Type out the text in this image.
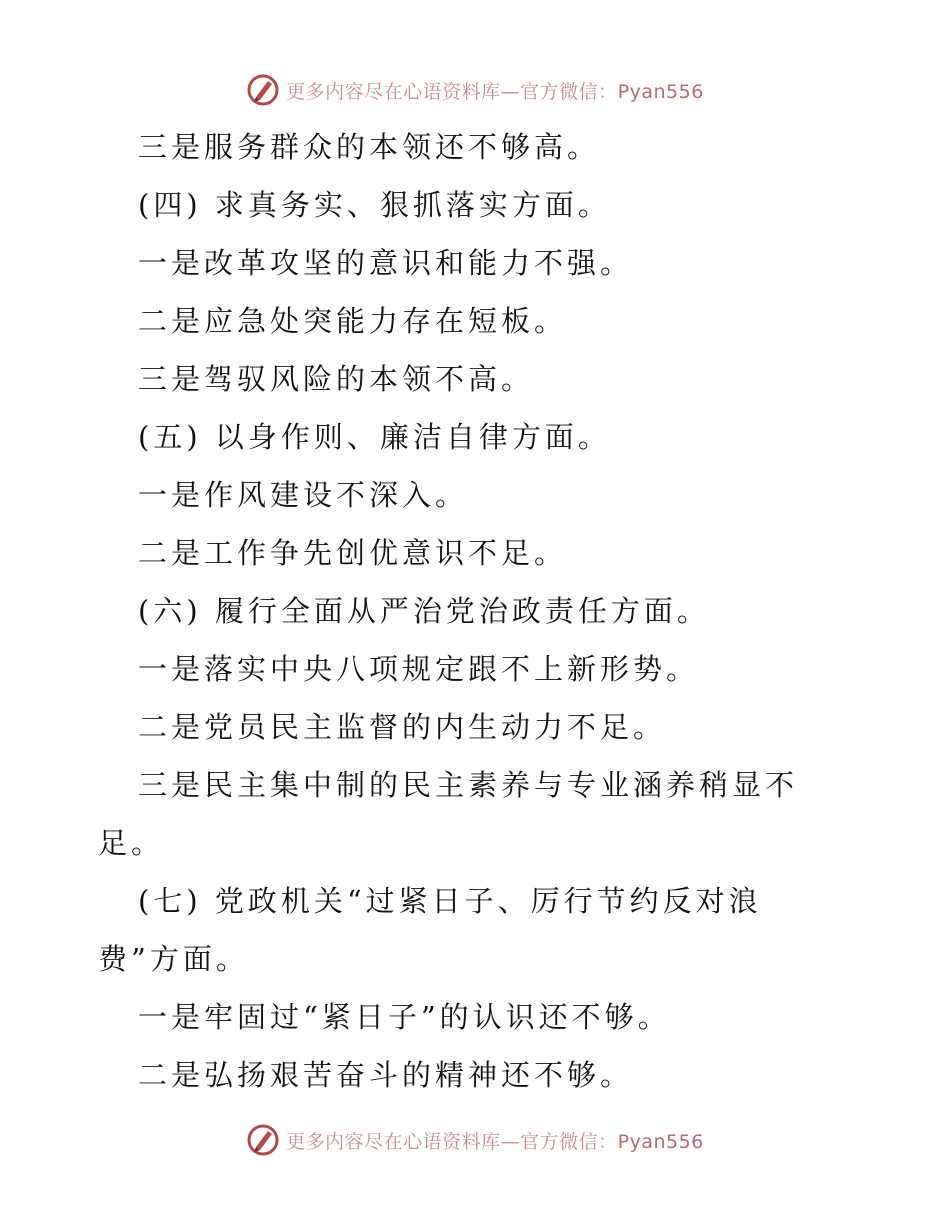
更多内容尽在心语资料库—官方微信：Pyan556
三是服务群众的本领还不够高。
(四) 求真务实、狠抓落实方面。
一是改革攻坚的意识和能力不强。
二是应急处突能力存在短板。
三是驾驭风险的本领不高。
(五) 以身作则、廉洁自律方面。
一是作风建设不深入。
二是工作争先创优意识不足。
(六) 履行全面从严治党治政责任方面。
一是落实中央八项规定跟不上新形势。
二是党员民主监督的内生动力不足。
三是民主集中制的民主素养与专业涵养稍显不
足。
(七) 党政机关“过紧日子、厉行节约反对浪
费”方面。
一是牢固过“紧日子”的认识还不够。
二是弘扬艰苦奋斗的精神还不够。
更多内容尽在心语资料库—官方微信：Pyan556
